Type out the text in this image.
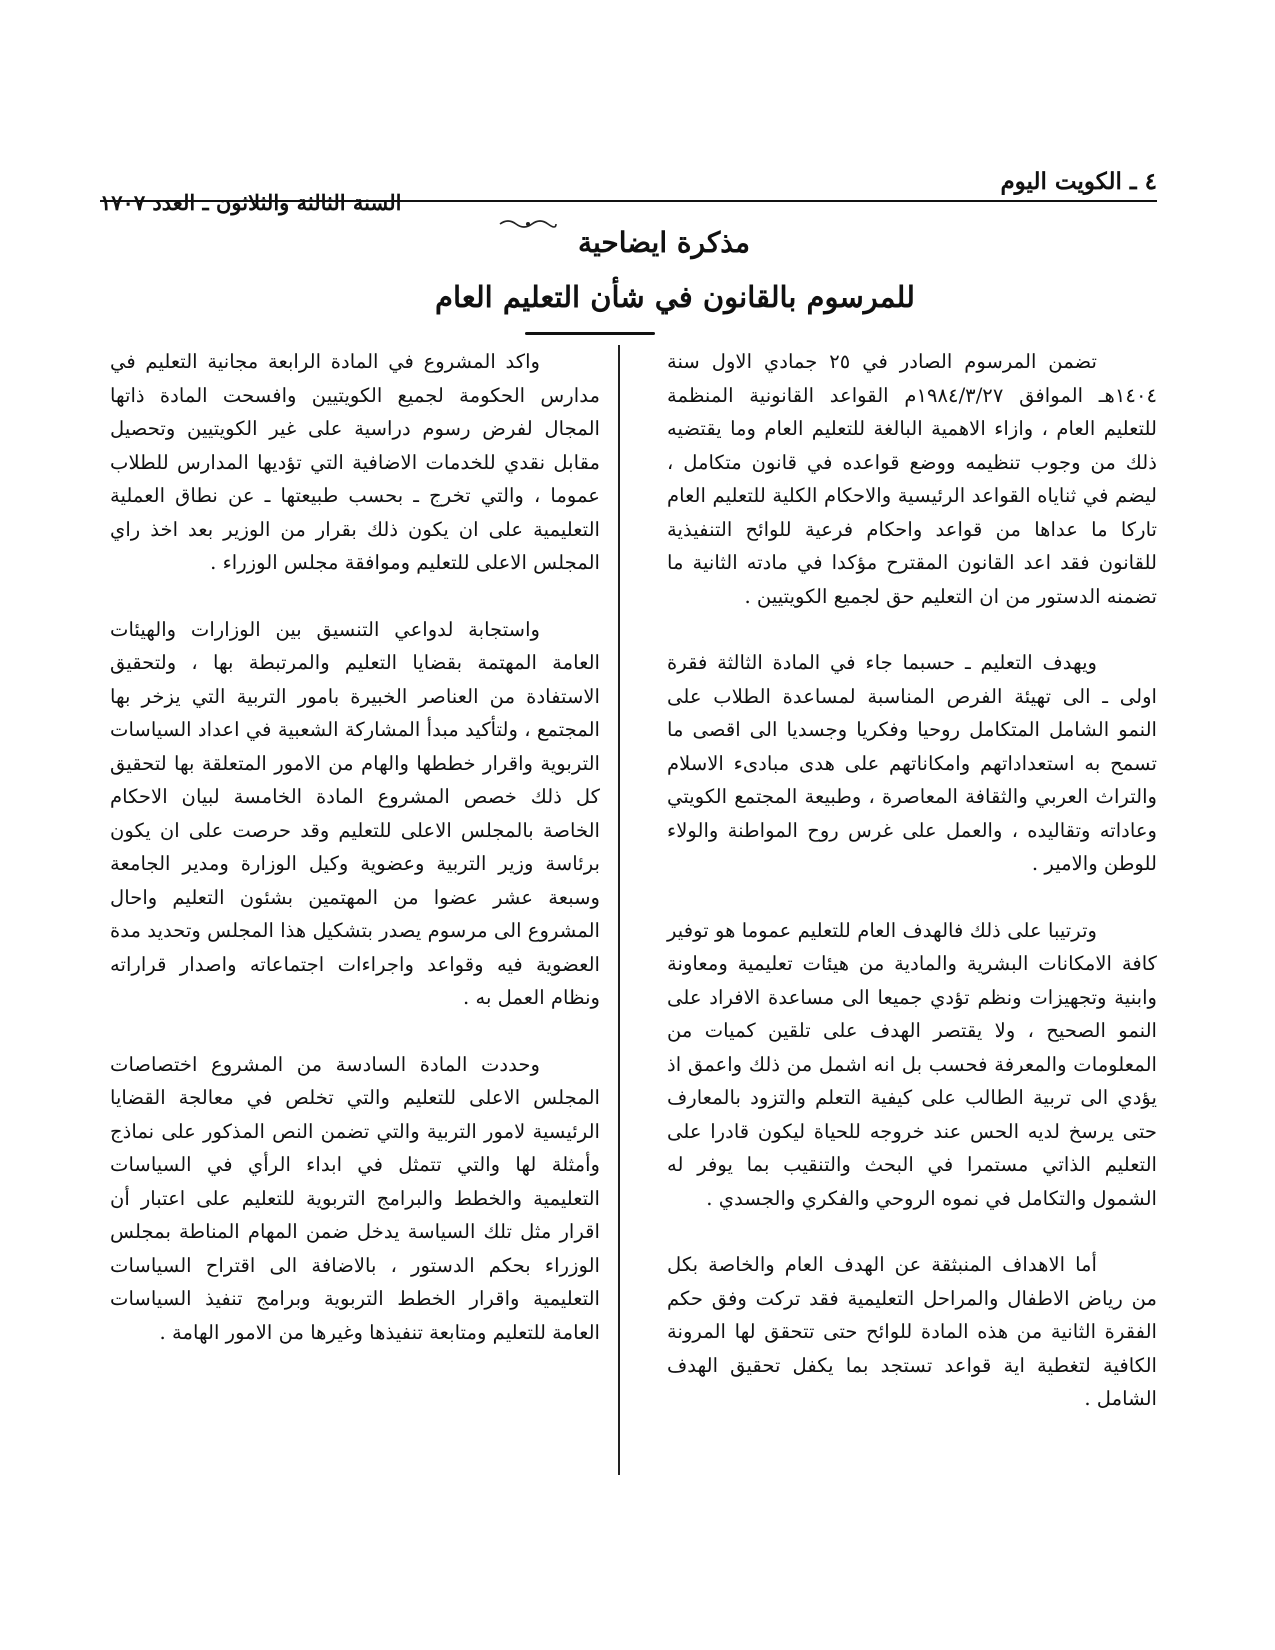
٤ ـ الكويت اليوم
السنة الثالثة والثلاثون ـ العدد ١٧٠٧
مذكرة ايضاحية
للمرسوم بالقانون في شأن التعليم العام

تضمن المرسوم الصادر في ٢٥ جمادي الاول سنة ١٤٠٤هـ الموافق ١٩٨٤/٣/٢٧م القواعد القانونية المنظمة للتعليم العام ، وازاء الاهمية البالغة للتعليم العام وما يقتضيه ذلك من وجوب تنظيمه ووضع قواعده في قانون متكامل ، ليضم في ثناياه القواعد الرئيسية والاحكام الكلية للتعليم العام تاركا ما عداها من قواعد واحكام فرعية للوائح التنفيذية للقانون فقد اعد القانون المقترح مؤكدا في مادته الثانية ما تضمنه الدستور من ان التعليم حق لجميع الكويتيين .

ويهدف التعليم ـ حسبما جاء في المادة الثالثة فقرة اولى ـ الى تهيئة الفرص المناسبة لمساعدة الطلاب على النمو الشامل المتكامل روحيا وفكريا وجسديا الى اقصى ما تسمح به استعداداتهم وامكاناتهم على هدى مبادىء الاسلام والتراث العربي والثقافة المعاصرة ، وطبيعة المجتمع الكويتي وعاداته وتقاليده ، والعمل على غرس روح المواطنة والولاء للوطن والامير .

وترتيبا على ذلك فالهدف العام للتعليم عموما هو توفير كافة الامكانات البشرية والمادية من هيئات تعليمية ومعاونة وابنية وتجهيزات ونظم تؤدي جميعا الى مساعدة الافراد على النمو الصحيح ، ولا يقتصر الهدف على تلقين كميات من المعلومات والمعرفة فحسب بل انه اشمل من ذلك واعمق اذ يؤدي الى تربية الطالب على كيفية التعلم والتزود بالمعارف حتى يرسخ لديه الحس عند خروجه للحياة ليكون قادرا على التعليم الذاتي مستمرا في البحث والتنقيب بما يوفر له الشمول والتكامل في نموه الروحي والفكري والجسدي .

أما الاهداف المنبثقة عن الهدف العام والخاصة بكل من رياض الاطفال والمراحل التعليمية فقد تركت وفق حكم الفقرة الثانية من هذه المادة للوائح حتى تتحقق لها المرونة الكافية لتغطية اية قواعد تستجد بما يكفل تحقيق الهدف الشامل .

واكد المشروع في المادة الرابعة مجانية التعليم في مدارس الحكومة لجميع الكويتيين وافسحت المادة ذاتها المجال لفرض رسوم دراسية على غير الكويتيين وتحصيل مقابل نقدي للخدمات الاضافية التي تؤديها المدارس للطلاب عموما ، والتي تخرج ـ بحسب طبيعتها ـ عن نطاق العملية التعليمية على ان يكون ذلك بقرار من الوزير بعد اخذ راي المجلس الاعلى للتعليم وموافقة مجلس الوزراء .

واستجابة لدواعي التنسيق بين الوزارات والهيئات العامة المهتمة بقضايا التعليم والمرتبطة بها ، ولتحقيق الاستفادة من العناصر الخبيرة بامور التربية التي يزخر بها المجتمع ، ولتأكيد مبدأ المشاركة الشعبية في اعداد السياسات التربوية واقرار خططها والهام من الامور المتعلقة بها لتحقيق كل ذلك خصص المشروع المادة الخامسة لبيان الاحكام الخاصة بالمجلس الاعلى للتعليم وقد حرصت على ان يكون برئاسة وزير التربية وعضوية وكيل الوزارة ومدير الجامعة وسبعة عشر عضوا من المهتمين بشئون التعليم واحال المشروع الى مرسوم يصدر بتشكيل هذا المجلس وتحديد مدة العضوية فيه وقواعد واجراءات اجتماعاته واصدار قراراته ونظام العمل به .

وحددت المادة السادسة من المشروع اختصاصات المجلس الاعلى للتعليم والتي تخلص في معالجة القضايا الرئيسية لامور التربية والتي تضمن النص المذكور على نماذج وأمثلة لها والتي تتمثل في ابداء الرأي في السياسات التعليمية والخطط والبرامج التربوية للتعليم على اعتبار أن اقرار مثل تلك السياسة يدخل ضمن المهام المناطة بمجلس الوزراء بحكم الدستور ، بالاضافة الى اقتراح السياسات التعليمية واقرار الخطط التربوية وبرامج تنفيذ السياسات العامة للتعليم ومتابعة تنفيذها وغيرها من الامور الهامة .
